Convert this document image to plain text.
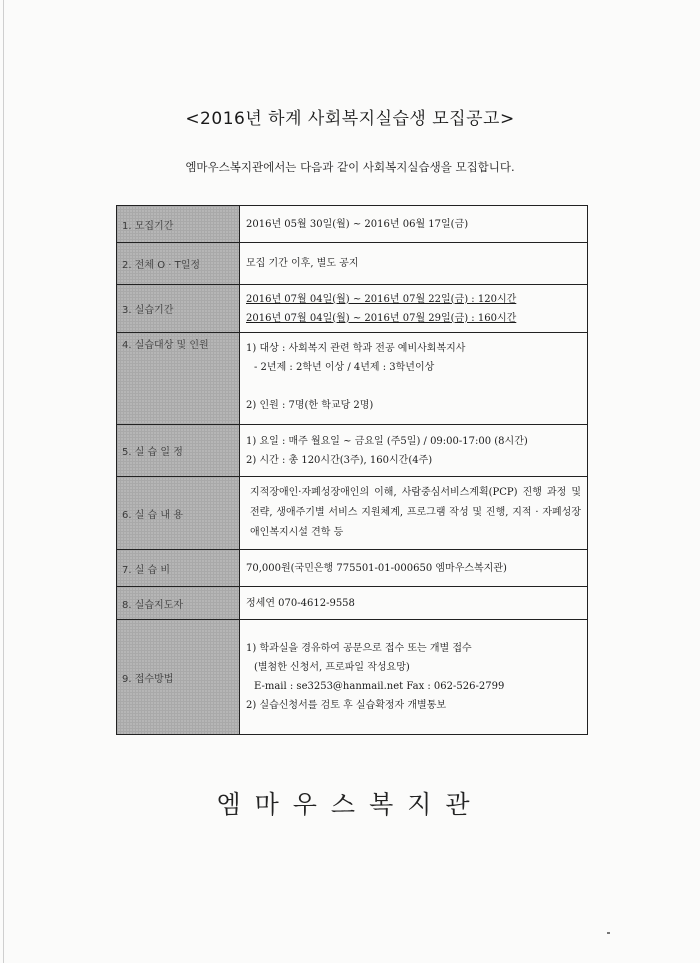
<2016년 하계 사회복지실습생 모집공고>
엠마우스복지관에서는 다음과 같이 사회복지실습생을 모집합니다.
1. 모집기간	2016년 05월 30일(월) ~ 2016년 06월 17일(금)

2. 전체 O · T일정	모집 기간 이후, 별도 공지

3. 실습기간	2016년 07월 04일(월) ~ 2016년 07월 22일(금) : 120시간
2016년 07월 04일(월) ~ 2016년 07월 29일(금) : 160시간

4. 실습대상 및 인원	1) 대상 : 사회복지 관련 학과 전공 예비사회복지사
- 2년제 : 2학년 이상 / 4년제 : 3학년이상
2) 인원 : 7명(한 학교당 2명)

5. 실 습 일 정	1) 요일 : 매주 월요일 ~ 금요일 (주5일) / 09:00-17:00 (8시간)
2) 시간 : 총 120시간(3주), 160시간(4주)

6. 실 습 내 용	지적장애인·자폐성장애인의 이해, 사람중심서비스계획(PCP) 진행 과정 및 전략, 생애주기별 서비스 지원체계, 프로그램 작성 및 진행, 지적 · 자폐성장애인복지시설 견학 등

7. 실 습 비	70,000원(국민은행 775501-01-000650 엠마우스복지관)

8. 실습지도자	정세연 070-4612-9558

9. 접수방법	1) 학과실을 경유하여 공문으로 접수 또는 개별 접수
(별첨한 신청서, 프로파일 작성요망)
E-mail : se3253@hanmail.net Fax : 062-526-2799
2) 실습신청서를 검토 후 실습확정자 개별통보
엠마우스복지관
